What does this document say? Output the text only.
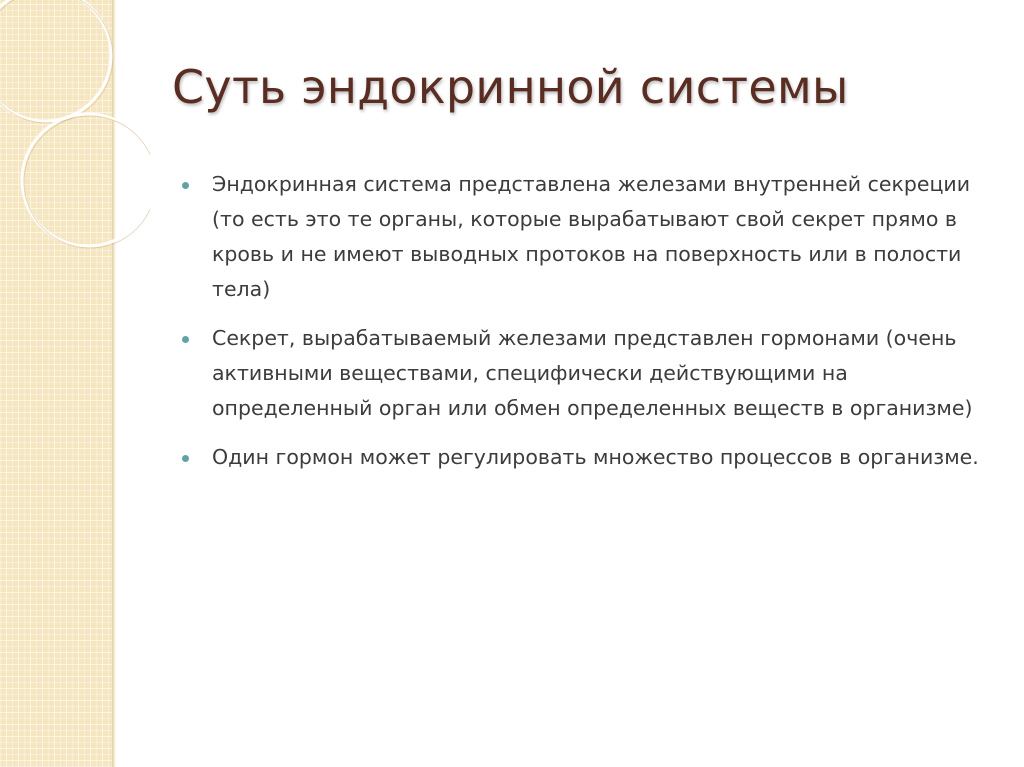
Суть эндокринной системы
Эндокринная система представлена железами внутренней секреции (то есть это те органы, которые вырабатывают свой секрет прямо в кровь и не имеют выводных протоков на поверхность или в полости тела)
Секрет, вырабатываемый железами представлен гормонами (очень активными веществами, специфически действующими на определенный орган или обмен определенных веществ в организме)
Один гормон может регулировать множество процессов в организме.
